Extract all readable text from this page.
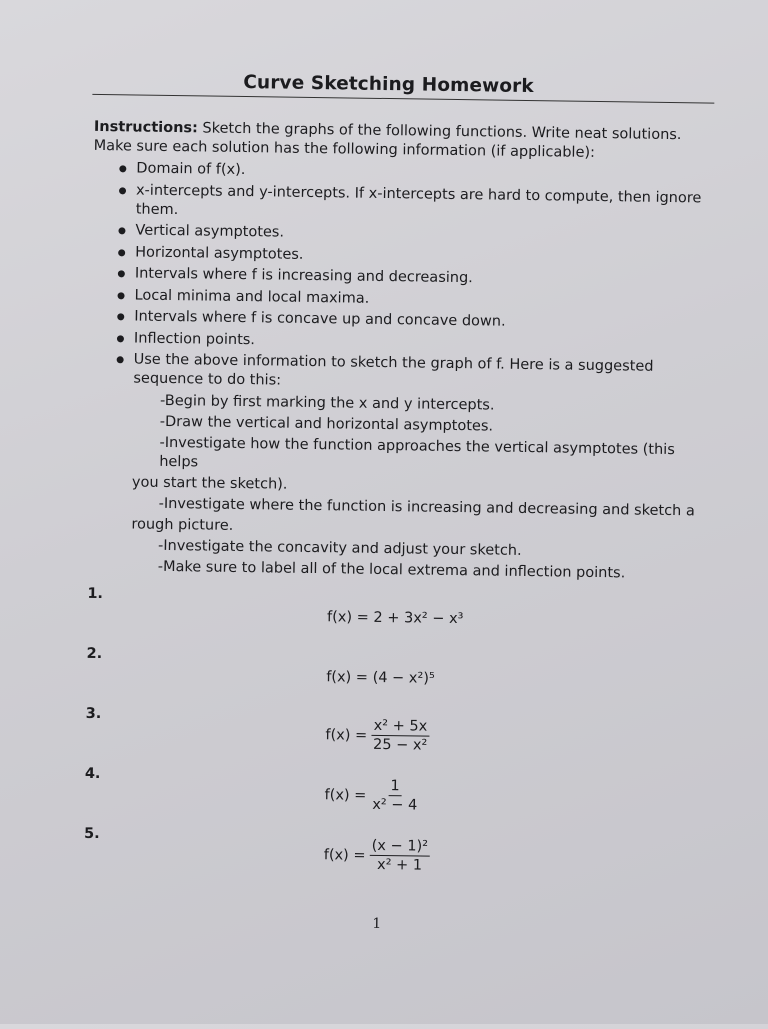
Curve Sketching Homework
Instructions: Sketch the graphs of the following functions. Write neat solutions. Make sure each solution has the following information (if applicable):
Domain of f(x).
x-intercepts and y-intercepts. If x-intercepts are hard to compute, then ignore them.
Vertical asymptotes.
Horizontal asymptotes.
Intervals where f is increasing and decreasing.
Local minima and local maxima.
Intervals where f is concave up and concave down.
Inflection points.
Use the above information to sketch the graph of f. Here is a suggested sequence to do this:

-Begin by first marking the x and y intercepts.

-Draw the vertical and horizontal asymptotes.

-Investigate how the function approaches the vertical asymptotes (this helps

you start the sketch).

-Investigate where the function is increasing and decreasing and sketch a

rough picture.

-Investigate the concavity and adjust your sketch.

-Make sure to label all of the local extrema and inflection points.

1.
f(x) = 2 + 3x² − x³
2.
f(x) = (4 − x²)⁵
3.
$f(x) = \frac{\text{x² + 5x}}{\text{25 − x²}}$
4.
$f(x) = \frac{1}{\text{x² − 4}}$
5.
$f(x) = \frac{\text{(x − 1)²}}{\text{x² + 1}}$
1
